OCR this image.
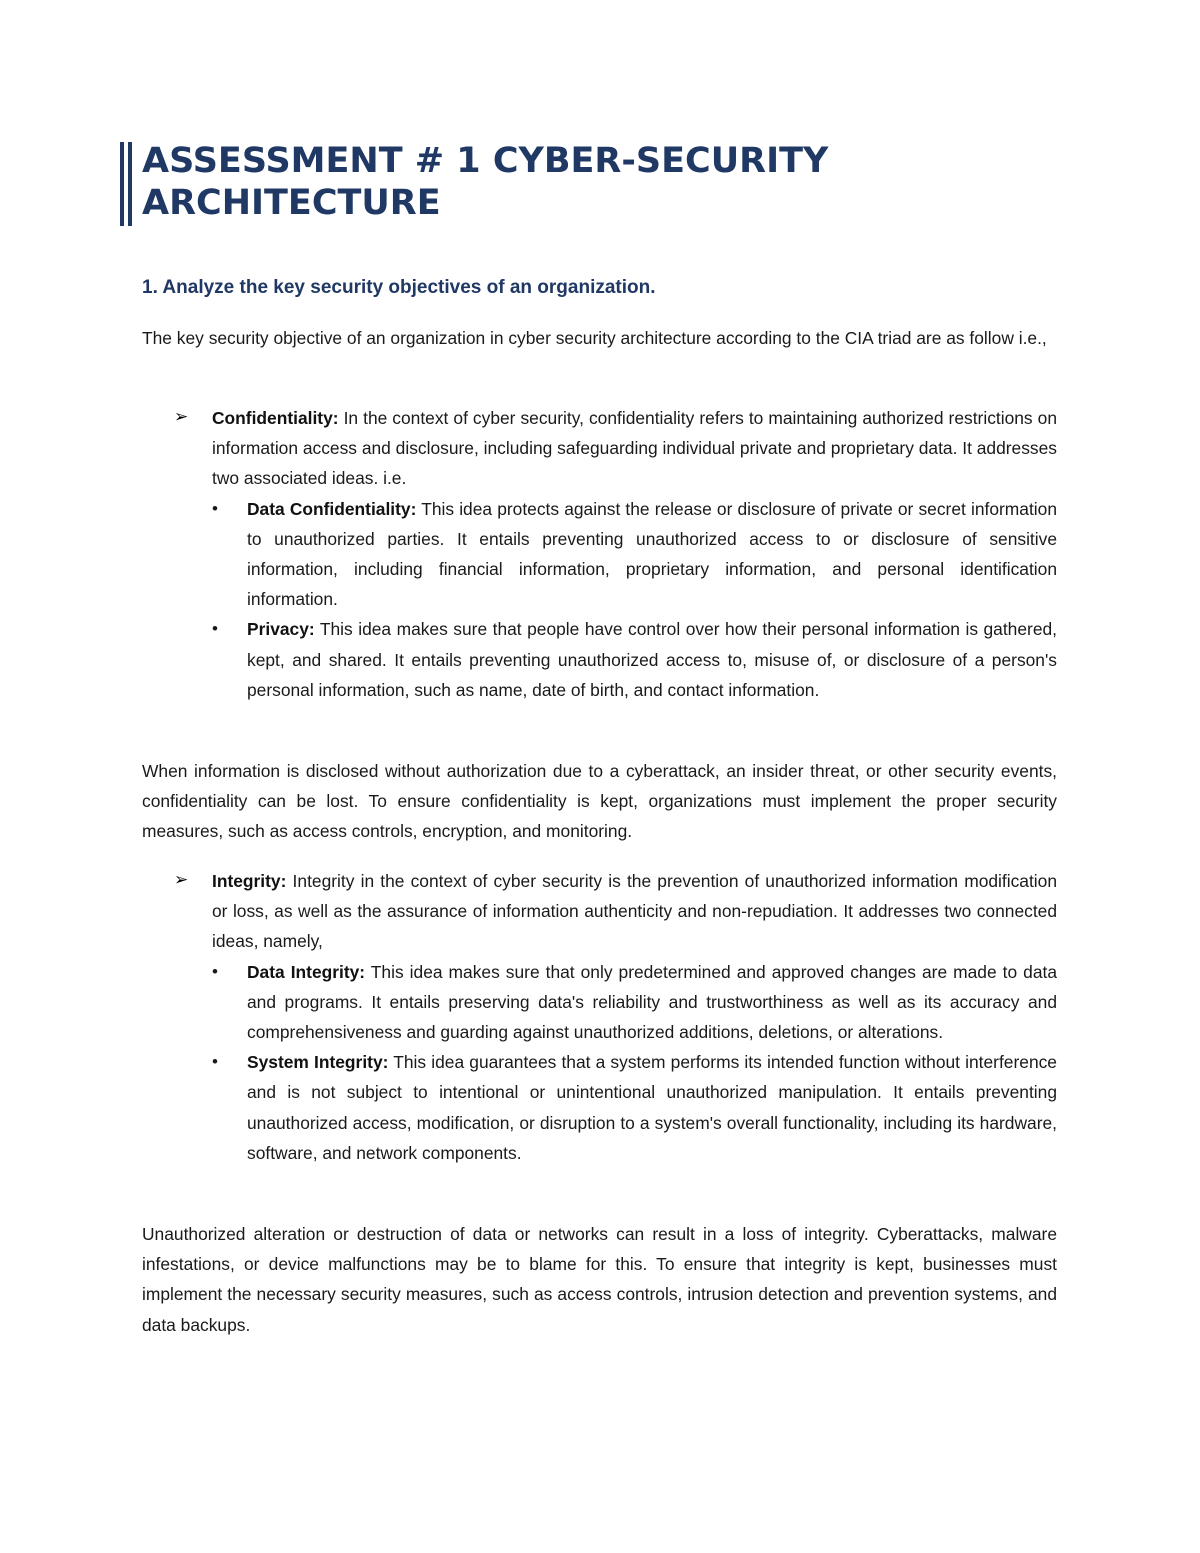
ASSESSMENT # 1 CYBER-SECURITY ARCHITECTURE
1. Analyze the key security objectives of an organization.

The key security objective of an organization in cyber security architecture according to the CIA triad are as follow i.e.,

➢ Confidentiality: In the context of cyber security, confidentiality refers to maintaining authorized restrictions on information access and disclosure, including safeguarding individual private and proprietary data. It addresses two associated ideas. i.e.

• Data Confidentiality: This idea protects against the release or disclosure of private or secret information to unauthorized parties. It entails preventing unauthorized access to or disclosure of sensitive information, including financial information, proprietary information, and personal identification information.

• Privacy: This idea makes sure that people have control over how their personal information is gathered, kept, and shared. It entails preventing unauthorized access to, misuse of, or disclosure of a person's personal information, such as name, date of birth, and contact information.

When information is disclosed without authorization due to a cyberattack, an insider threat, or other security events, confidentiality can be lost. To ensure confidentiality is kept, organizations must implement the proper security measures, such as access controls, encryption, and monitoring.

➢ Integrity: Integrity in the context of cyber security is the prevention of unauthorized information modification or loss, as well as the assurance of information authenticity and non-repudiation. It addresses two connected ideas, namely,

• Data Integrity: This idea makes sure that only predetermined and approved changes are made to data and programs. It entails preserving data's reliability and trustworthiness as well as its accuracy and comprehensiveness and guarding against unauthorized additions, deletions, or alterations.

• System Integrity: This idea guarantees that a system performs its intended function without interference and is not subject to intentional or unintentional unauthorized manipulation. It entails preventing unauthorized access, modification, or disruption to a system's overall functionality, including its hardware, software, and network components.

Unauthorized alteration or destruction of data or networks can result in a loss of integrity. Cyberattacks, malware infestations, or device malfunctions may be to blame for this. To ensure that integrity is kept, businesses must implement the necessary security measures, such as access controls, intrusion detection and prevention systems, and data backups.
